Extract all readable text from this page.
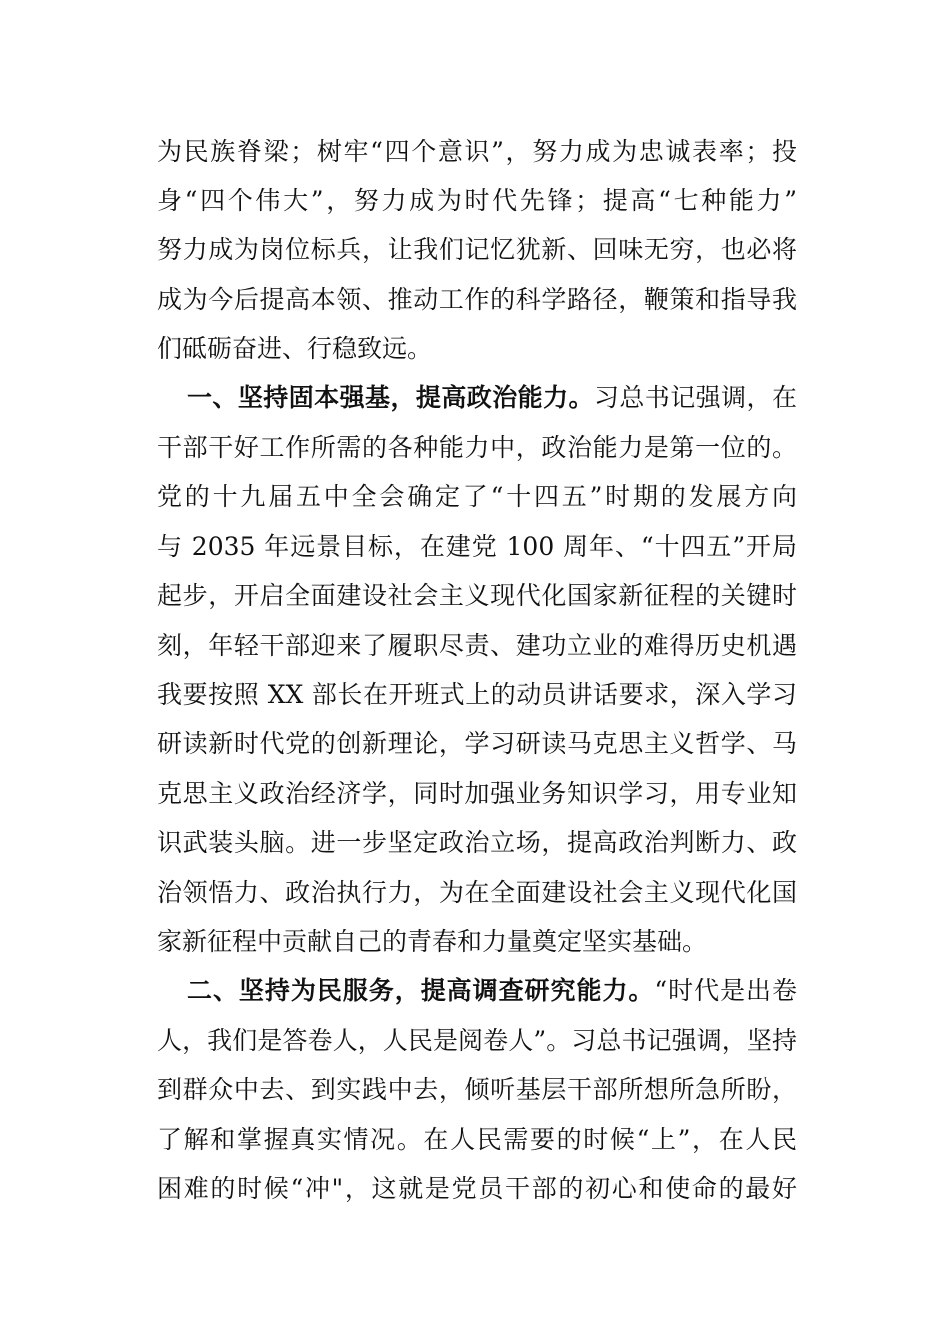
为民族脊梁；树牢“四个意识”，努力成为忠诚表率；投
身“四个伟大”，努力成为时代先锋；提高“七种能力”
努力成为岗位标兵，让我们记忆犹新、回味无穷，也必将
成为今后提高本领、推动工作的科学路径，鞭策和指导我
们砥砺奋进、行稳致远。
一、坚持固本强基，提高政治能力。习总书记强调，在
干部干好工作所需的各种能力中，政治能力是第一位的。
党的十九届五中全会确定了“十四五”时期的发展方向
与 2035 年远景目标，在建党 100 周年、“十四五”开局
起步，开启全面建设社会主义现代化国家新征程的关键时
刻，年轻干部迎来了履职尽责、建功立业的难得历史机遇
我要按照 XX 部长在开班式上的动员讲话要求，深入学习
研读新时代党的创新理论，学习研读马克思主义哲学、马
克思主义政治经济学，同时加强业务知识学习，用专业知
识武装头脑。进一步坚定政治立场，提高政治判断力、政
治领悟力、政治执行力，为在全面建设社会主义现代化国
家新征程中贡献自己的青春和力量奠定坚实基础。
二、坚持为民服务，提高调查研究能力。“时代是出卷
人，我们是答卷人，人民是阅卷人”。习总书记强调，坚持
到群众中去、到实践中去，倾听基层干部所想所急所盼，
了解和掌握真实情况。在人民需要的时候“上”，在人民
困难的时候“冲"，这就是党员干部的初心和使命的最好
